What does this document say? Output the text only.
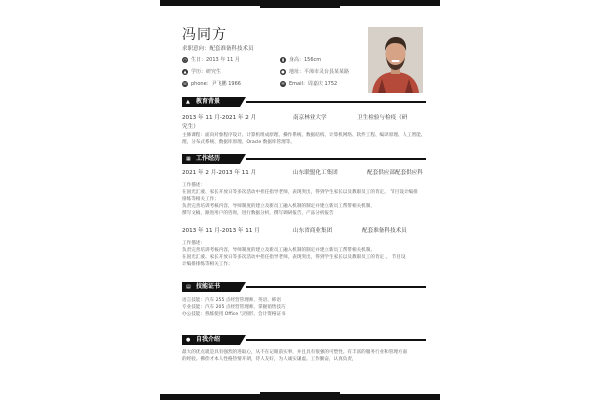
冯同方
求职意向：配套准备科技术员
◷ 生日：2013 年 11 月	▮ 身高：156cm
▲ 学历：研究生	● 地址：平漳市灵台县某某路
☏ phone：尹飞鹏 1966	✉ Email：周嘉庆 1752
▲	教育背景
2013 年 11 月-2021 年 2 月	南京林业大学	卫生检验与检疫（研
究生）
主修课程：面向对象程序设计、计算机组成原理、操作系统、数据结构、计算机网络、软件工程、编译原理、人工智能、
理、分布式系统、数据库原理、Oracle 数据库管理等。
▦ 工作经历
2021 年 2 月-2013 年 11 月	山东联盟化工集团	配套供应部配套供应科
工作描述：
在国光汇液、家长开放日等多次活动中担任指导老师，表现突出，得到学生家长以及教职员工的肯定。 节目设计编排
排练等相关工作；
负责完善培训考核内容，导师制度的建立及新员工融入机制的制定并建立新员工帮带相关机制，
撰写文稿，跟进用户的咨询，进行数据分析，撰写调研报告、产品分析报告
2013 年 11 月-2013 年 11 月	山东省商业集团	配套准备科技术员
工作描述：
负责完善培训考核内容，导师制度的建立及新员工融入机制的制定并建立新员工帮带相关机制。
在国光汇液、家长开放日等多次活动中担任指导老师，表现突出，得到学生家长以及教职员工的肯定 。 节目设
计编排排练等相关工作；
▤ 技能证书
语言技能：汽车 255 点经营管理师、英语、韩语
专业技能：汽车 205 点经营管理师，掌握销售技巧
办公技能：熟练使用 Office 与图形、会计资格证书
● 自我介绍
最大的优点就是具有强烈的进取心，从不在记眼前实事，并且具有很强的可塑性。有丰富的服务行业和管理方面
的经验。佛偿才本人性格热情开朗，待人友好，为人诚实谦虚。工作勤奋，认真负责，
